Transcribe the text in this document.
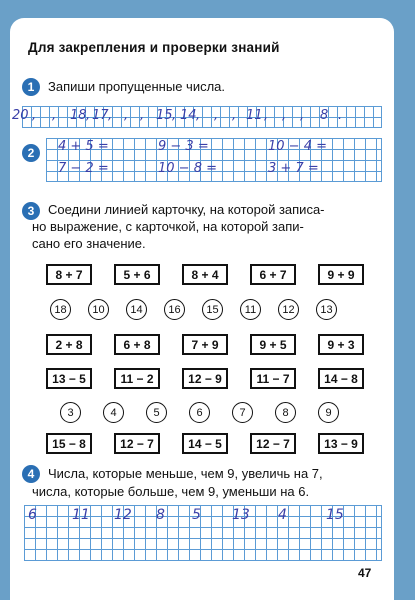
Для закрепления и проверки знаний
1	Запиши пропущенные числа.
2
3	Соедини линией карточку, на которой записа-
но выражение, с карточкой, на которой запи-
сано его значение.
4	Числа, которые меньше, чем 9, увеличь на 7,
числа, которые больше, чем 9, уменьши на 6.
47
20 , , 18 , 17 , , , 15 , 14 , , , 11 , , , 8 .
4 + 5 =	9 − 3 =	10 − 4 =
7 − 2 =	10 − 8 =	3 + 7 =
8 + 7	5 + 6	8 + 4	6 + 7	9 + 9
2 + 8	6 + 8	7 + 9	9 + 5	9 + 3
13 − 5	11 − 2	12 − 9	11 − 7	14 − 8
15 − 8	12 − 7	14 − 5	12 − 7	13 − 9
18	10	14	16	15	11	12	13
3	4	5	6	7	8	9
6	11 12 8 5 13 4	15
